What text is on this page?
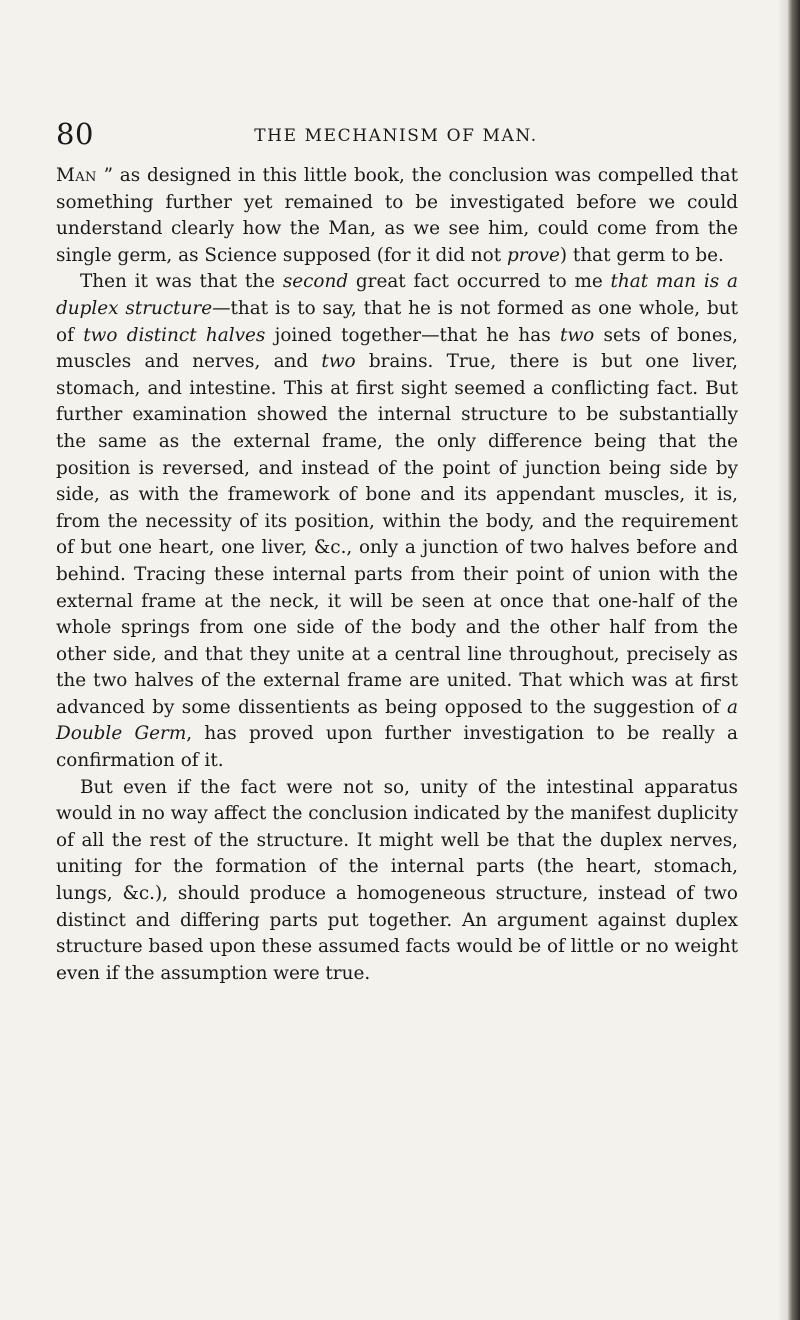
80	THE MECHANISM OF MAN.

Man ” as designed in this little book, the conclusion was compelled that something further yet remained to be investigated before we could understand clearly how the Man, as we see him, could come from the single germ, as Science supposed (for it did not prove) that germ to be.

Then it was that the second great fact occurred to me that man is a duplex structure—that is to say, that he is not formed as one whole, but of two distinct halves joined together—that he has two sets of bones, muscles and nerves, and two brains. True, there is but one liver, stomach, and intestine. This at first sight seemed a conflicting fact. But further examination showed the internal structure to be substantially the same as the external frame, the only difference being that the position is reversed, and instead of the point of junction being side by side, as with the framework of bone and its appendant muscles, it is, from the necessity of its position, within the body, and the requirement of but one heart, one liver, &c., only a junction of two halves before and behind. Tracing these internal parts from their point of union with the external frame at the neck, it will be seen at once that one-half of the whole springs from one side of the body and the other half from the other side, and that they unite at a central line throughout, precisely as the two halves of the external frame are united. That which was at first advanced by some dissentients as being opposed to the suggestion of a Double Germ, has proved upon further investigation to be really a confirmation of it.

But even if the fact were not so, unity of the intestinal apparatus would in no way affect the conclusion indicated by the manifest duplicity of all the rest of the structure. It might well be that the duplex nerves, uniting for the formation of the internal parts (the heart, stomach, lungs, &c.), should produce a homogeneous structure, instead of two distinct and differing parts put together. An argument against duplex structure based upon these assumed facts would be of little or no weight even if the assumption were true.
